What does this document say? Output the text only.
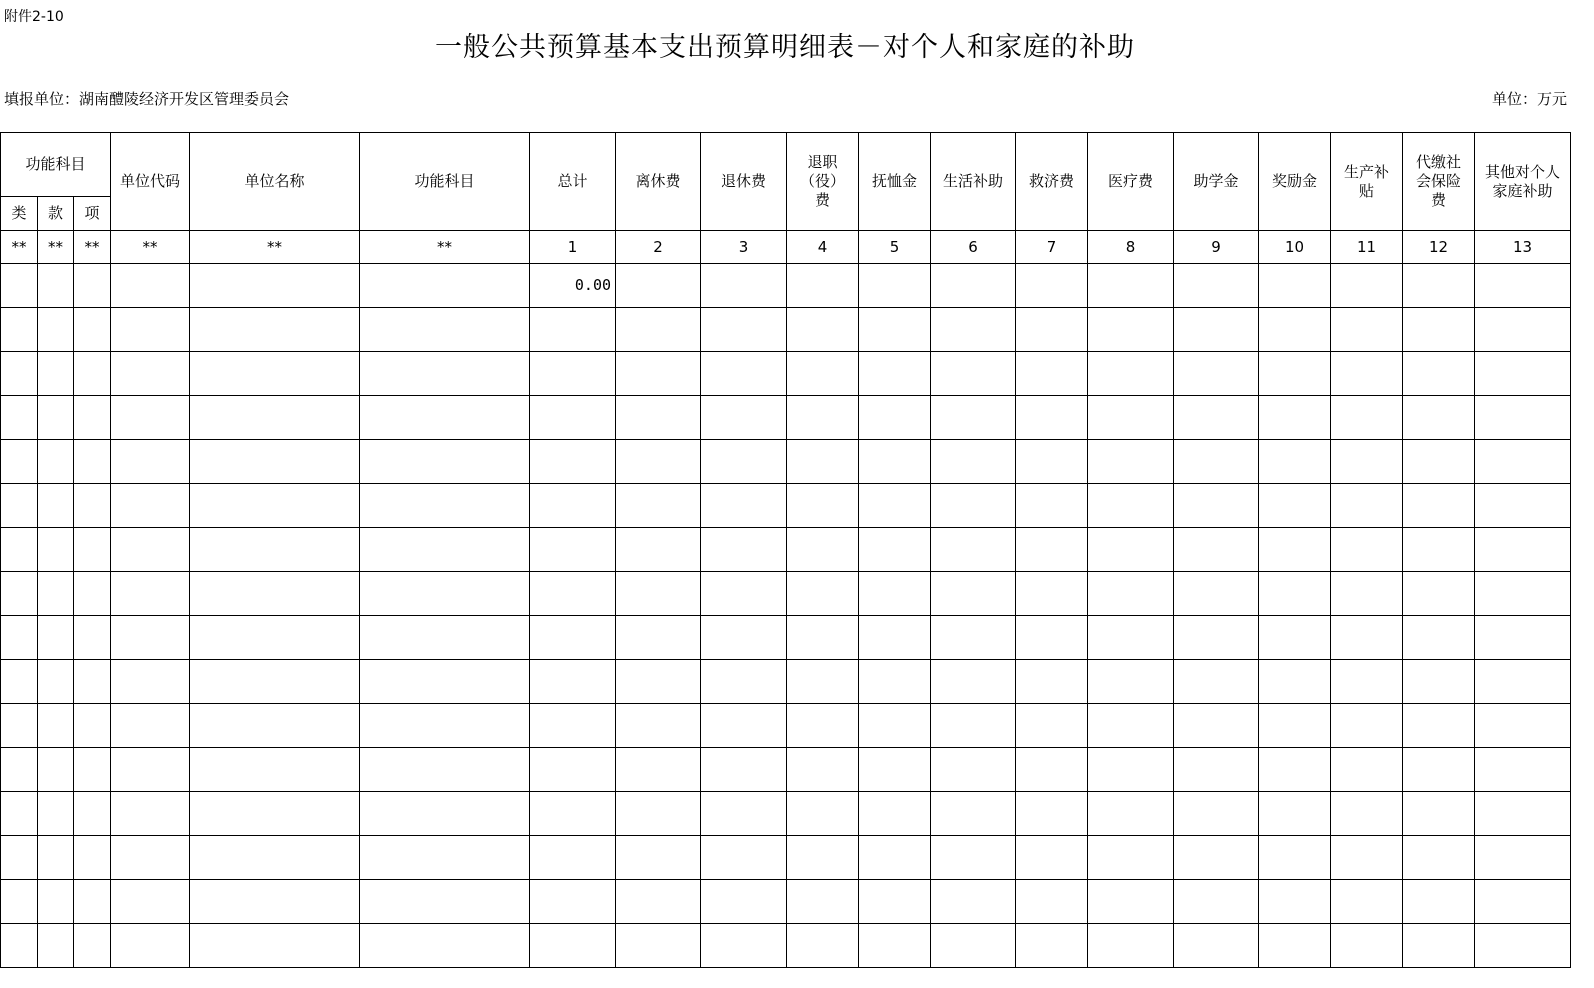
附件2-10
一般公共预算基本支出预算明细表－对个人和家庭的补助
填报单位：湖南醴陵经济开发区管理委员会	单位：万元
功能科目			单位代码	单位名称	功能科目	总计	离休费	退休费	退职
（役）
费	抚恤金	生活补助	救济费	医疗费	助学金	奖励金	生产补
贴	代缴社
会保险
费	其他对个人
家庭补助
类	款	项																
**	**	**	**	**	**	1	2	3	4	5	6	7	8	9	10	11	12	13
						0.00												
